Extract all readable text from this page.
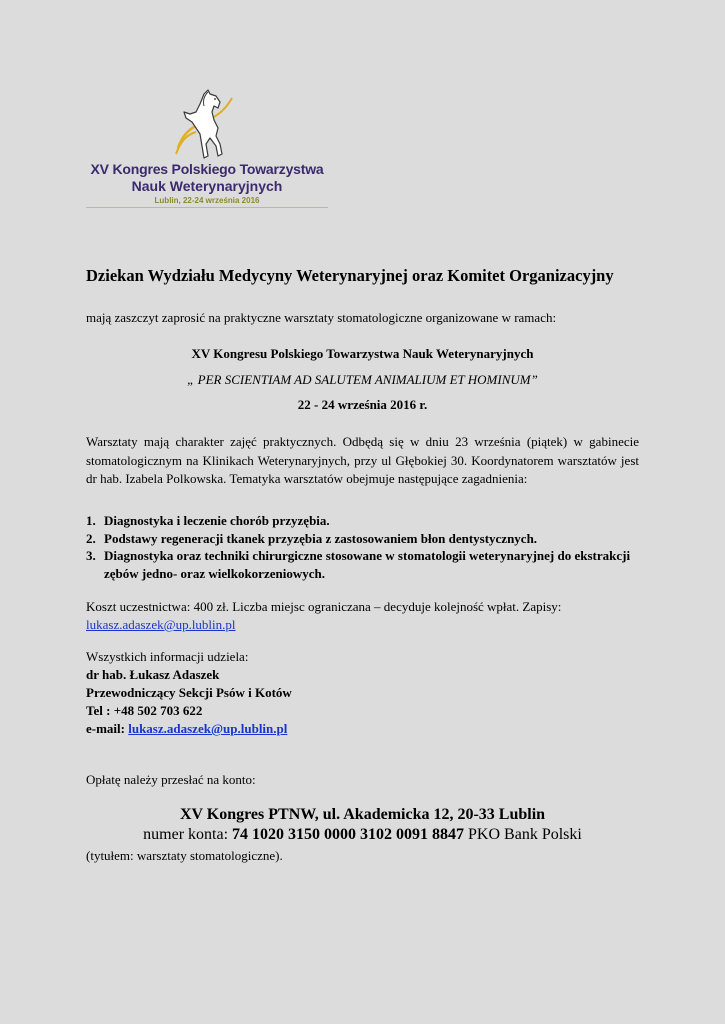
XV Kongres Polskiego Towarzystwa
Nauk Weterynaryjnych
Lublin, 22-24 września 2016
Dziekan Wydziału Medycyny Weterynaryjnej oraz Komitet Organizacyjny
mają zaszczyt zaprosić na praktyczne warsztaty stomatologiczne organizowane w ramach:
XV Kongresu Polskiego Towarzystwa Nauk Weterynaryjnych
„ PER SCIENTIAM AD SALUTEM ANIMALIUM ET HOMINUM”
22 - 24 września 2016 r.
Warsztaty mają charakter zajęć praktycznych. Odbędą się w dniu 23 września (piątek) w gabinecie stomatologicznym na Klinikach Weterynaryjnych, przy ul Głębokiej 30. Koordynatorem warsztatów jest dr hab. Izabela Polkowska. Tematyka warsztatów obejmuje następujące zagadnienia:
1. Diagnostyka i leczenie chorób przyzębia.
2. Podstawy regeneracji tkanek przyzębia z zastosowaniem błon dentystycznych.
3. Diagnostyka oraz techniki chirurgiczne stosowane w stomatologii weterynaryjnej do ekstrakcji zębów jedno- oraz wielkokorzeniowych.
Koszt uczestnictwa: 400 zł. Liczba miejsc ograniczana – decyduje kolejność wpłat. Zapisy:
lukasz.adaszek@up.lublin.pl
Wszystkich informacji udziela:
dr hab. Łukasz Adaszek
Przewodniczący Sekcji Psów i Kotów
Tel : +48 502 703 622
e-mail: lukasz.adaszek@up.lublin.pl
Opłatę należy przesłać na konto:
XV Kongres PTNW, ul. Akademicka 12, 20-33 Lublin
numer konta: 74 1020 3150 0000 3102 0091 8847 PKO Bank Polski
(tytułem: warsztaty stomatologiczne).
